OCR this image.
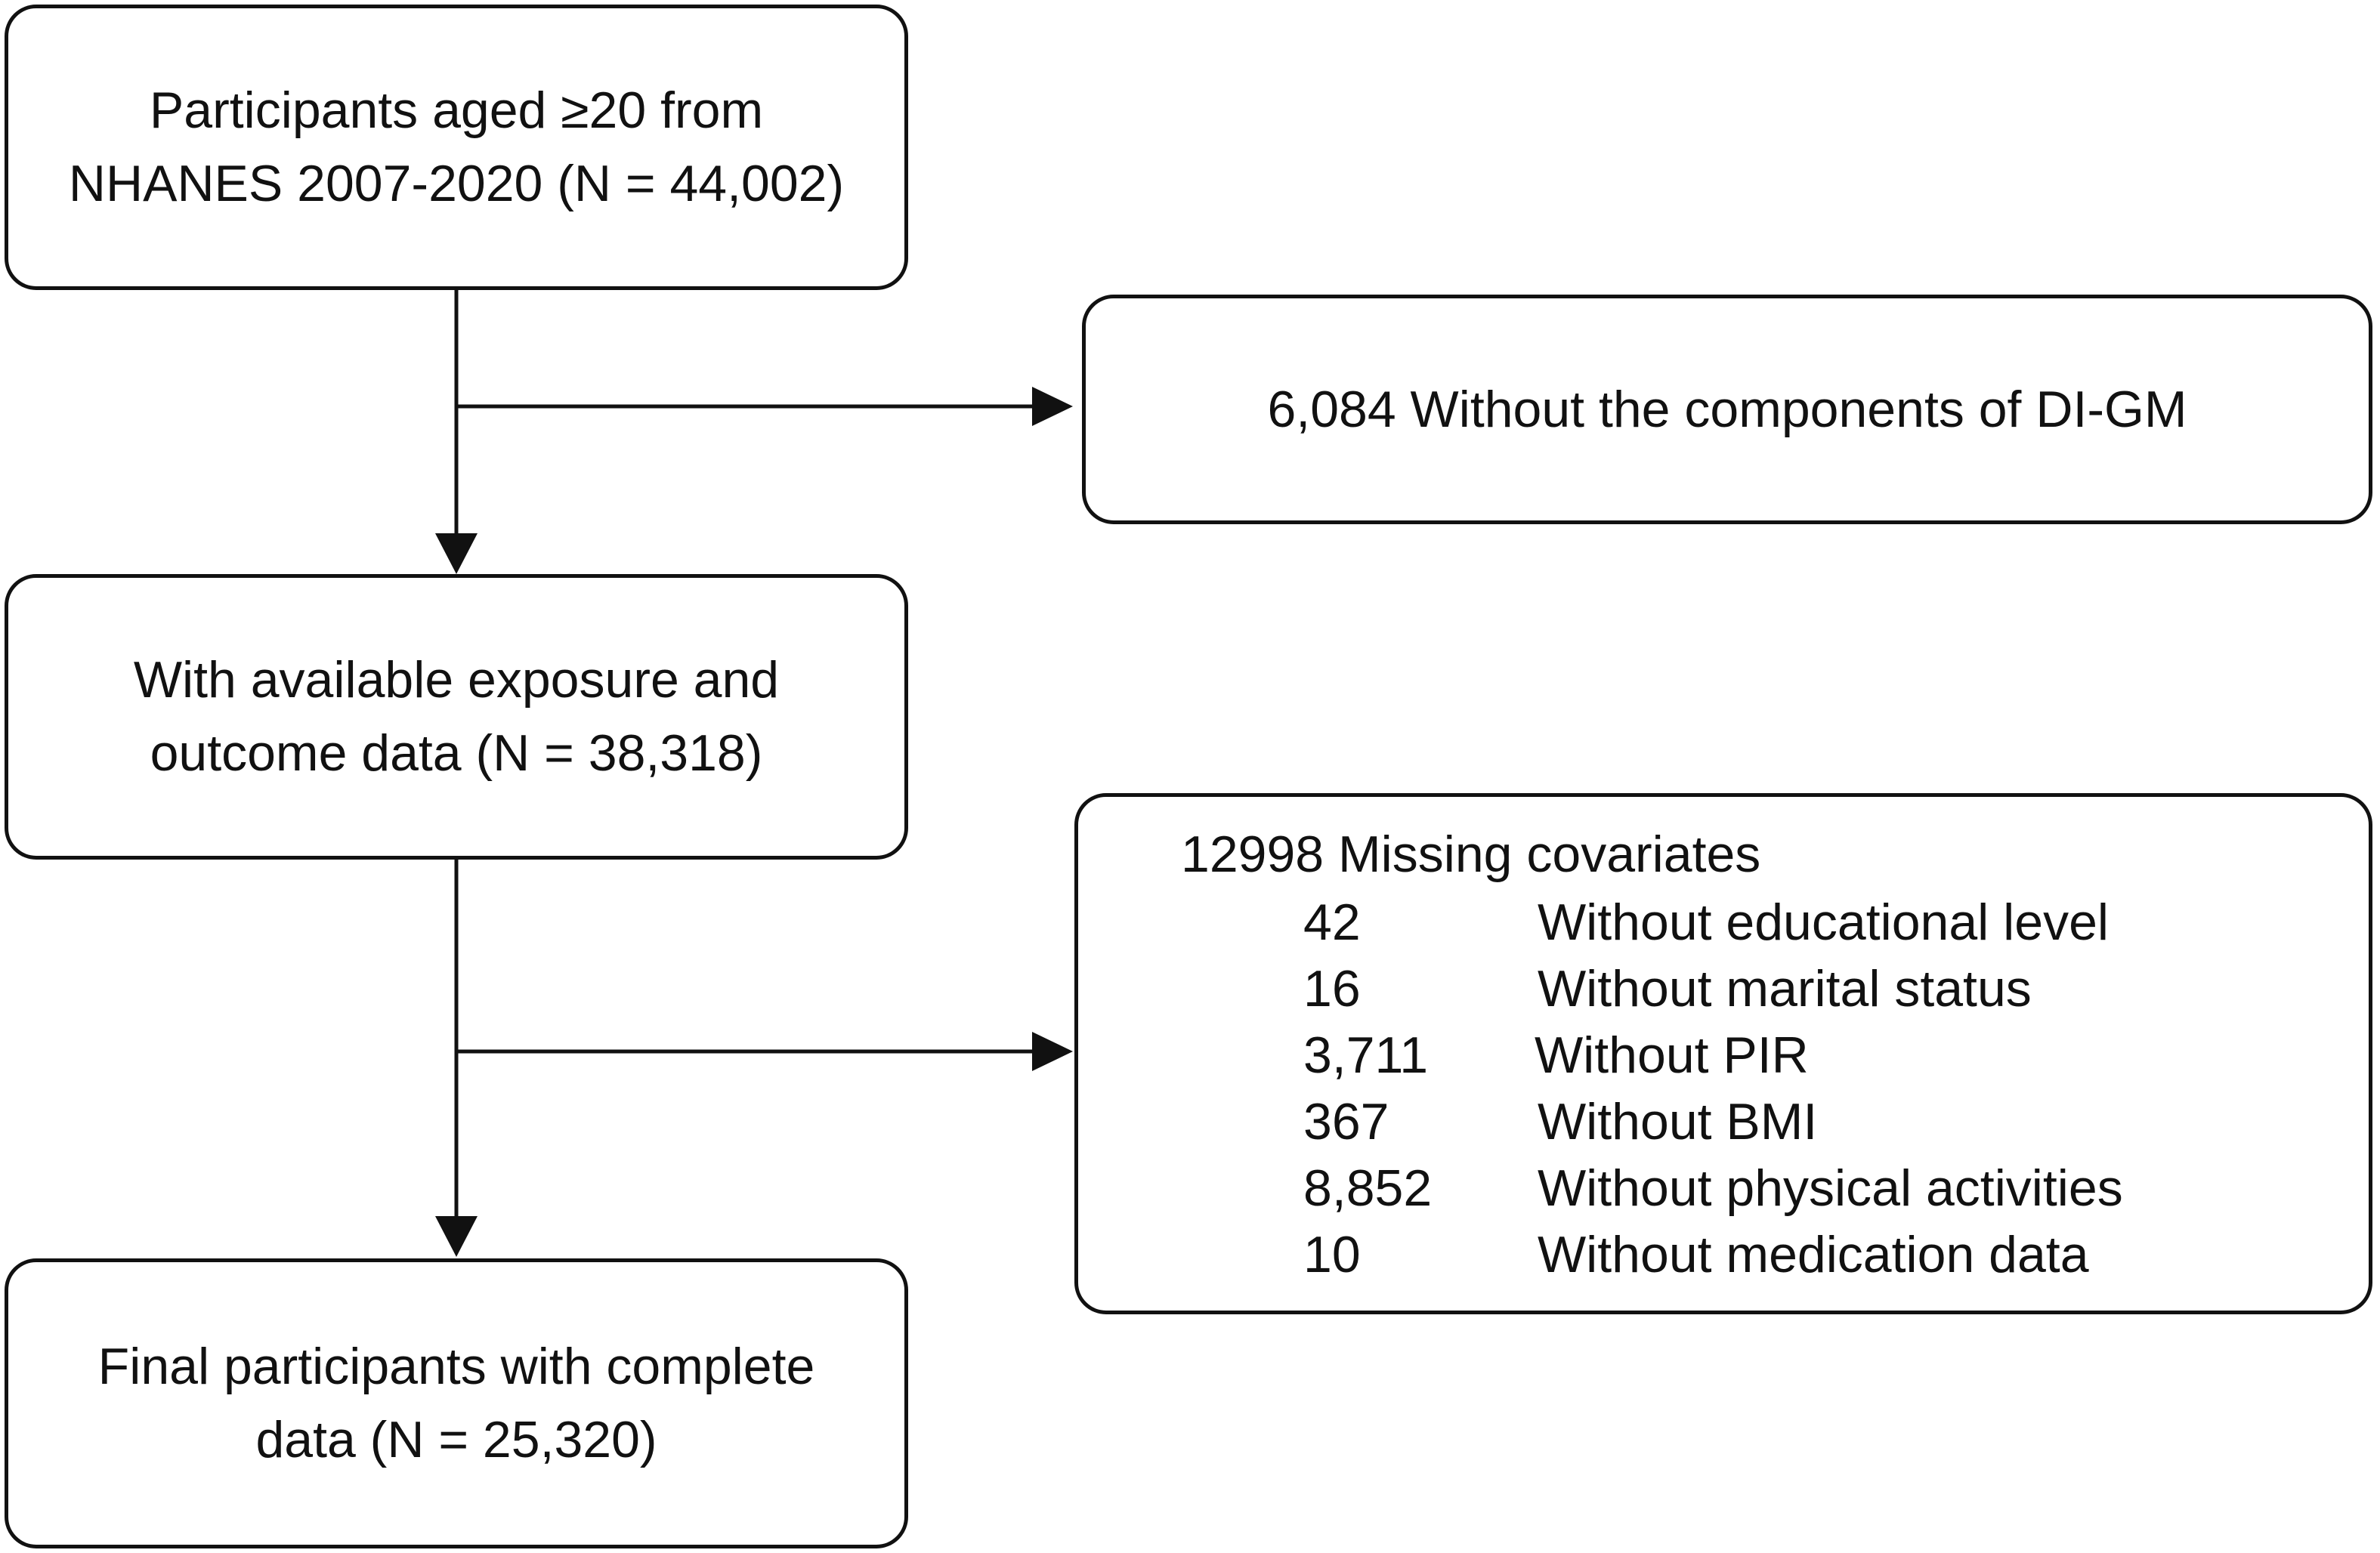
Participants aged ≥20 from
NHANES 2007-2020 (N = 44,002)
6,084 Without the components of DI-GM
With available exposure and
outcome data (N = 38,318)
12998 Missing covariates
42	Without educational level
16	Without marital status
3,711 Without PIR
367	Without BMI
8,852 Without physical activities
10	Without medication data
Final participants with complete
data (N = 25,320)
